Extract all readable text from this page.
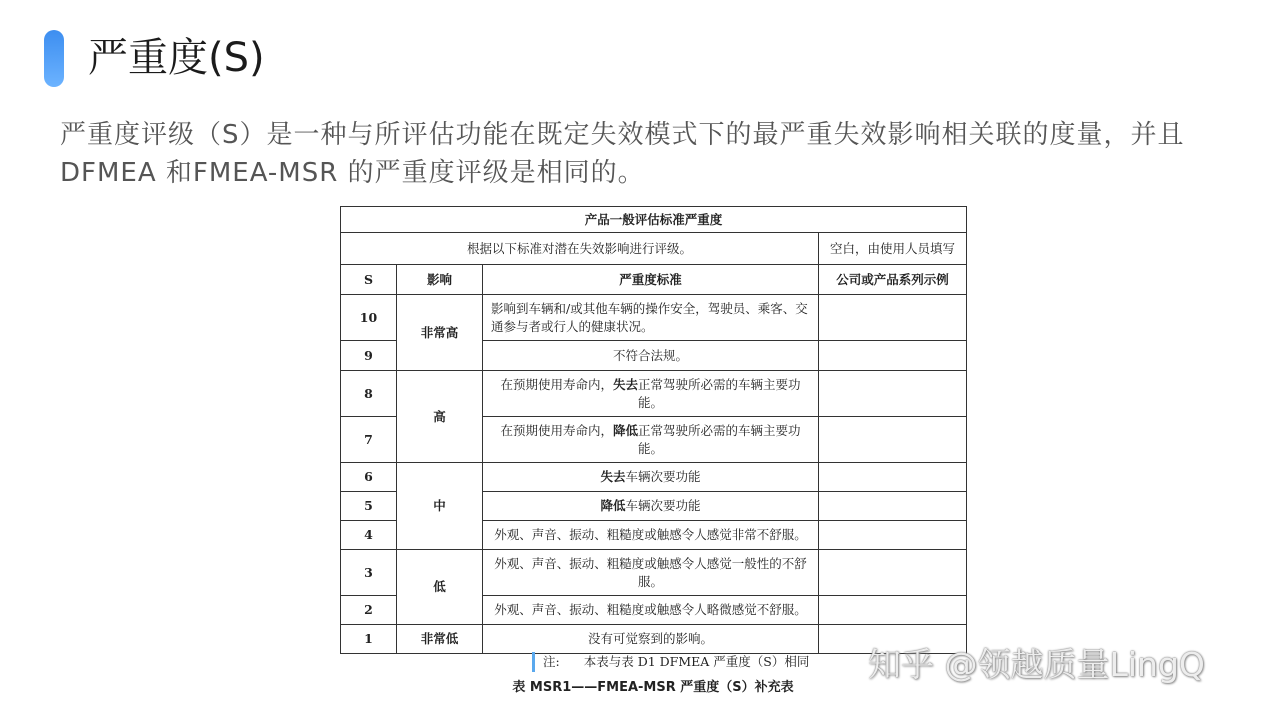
严重度(S)
严重度评级（S）是一种与所评估功能在既定失效模式下的最严重失效影响相关联的度量，并且DFMEA 和FMEA-MSR 的严重度评级是相同的。
产品一般评估标准严重度			
根据以下标准对潜在失效影响进行评级。			空白，由使用人员填写
S	影响	严重度标准	公司或产品系列示例
10	非常高	影响到车辆和/或其他车辆的操作安全，驾驶员、乘客、交通参与者或行人的健康状况。	
9		不符合法规。	
8	高	在预期使用寿命内，失去正常驾驶所必需的车辆主要功能。	
7		在预期使用寿命内，降低正常驾驶所必需的车辆主要功能。	
6	中	失去车辆次要功能	
5		降低车辆次要功能	
4		外观、声音、振动、粗糙度或触感令人感觉非常不舒服。	
3	低	外观、声音、振动、粗糙度或触感令人感觉一般性的不舒服。	
2		外观、声音、振动、粗糙度或触感令人略微感觉不舒服。	
1	非常低	没有可觉察到的影响。	
注: 本表与表 D1 DFMEA 严重度（S）相同
表 MSR1——FMEA-MSR 严重度（S）补充表
知乎 @领越质量LingQ
